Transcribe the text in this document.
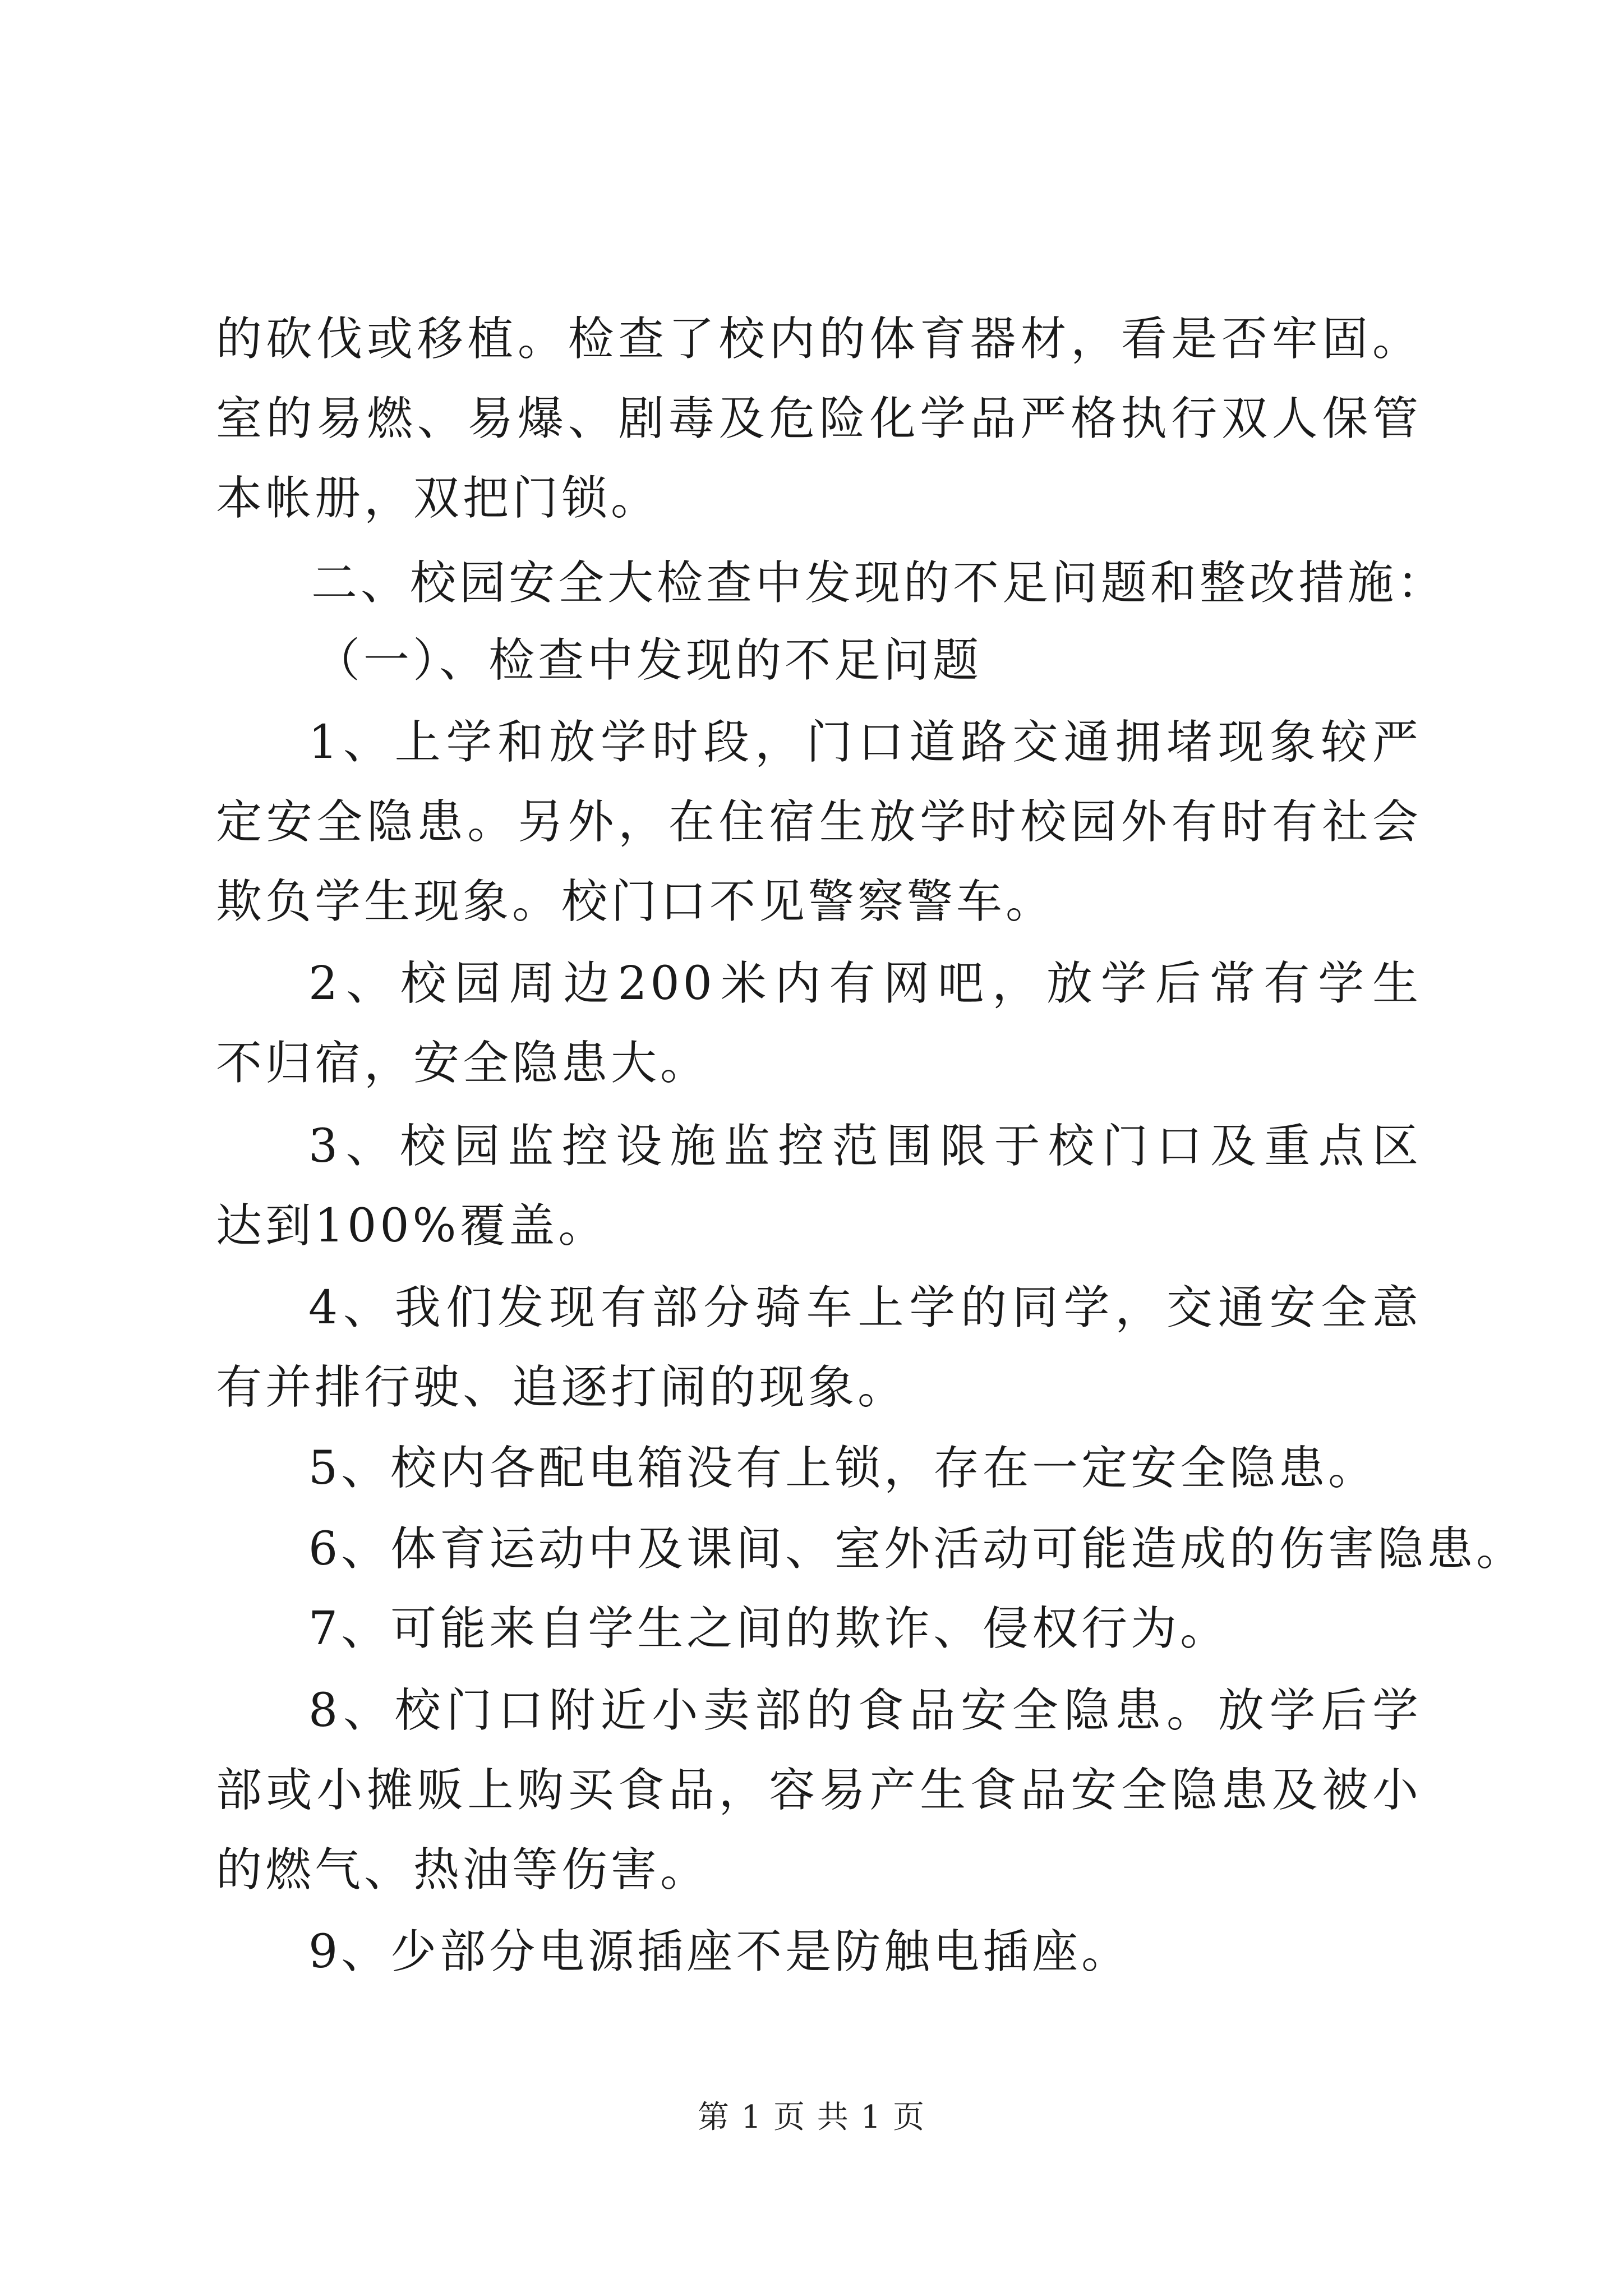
的砍伐或移植。检查了校内的体育器材，看是否牢固。
室的易燃、易爆、剧毒及危险化学品严格执行双人保管
本帐册，双把门锁。
二、校园安全大检查中发现的不足问题和整改措施：
（一）、检查中发现的不足问题
1、上学和放学时段，门口道路交通拥堵现象较严
定安全隐患。另外，在住宿生放学时校园外有时有社会
欺负学生现象。校门口不见警察警车。
2、校园周边200米内有网吧，放学后常有学生
不归宿，安全隐患大。
3、校园监控设施监控范围限于校门口及重点区
达到100%覆盖。
4、我们发现有部分骑车上学的同学，交通安全意
有并排行驶、追逐打闹的现象。
5、校内各配电箱没有上锁，存在一定安全隐患。
6、体育运动中及课间、室外活动可能造成的伤害隐患。
7、可能来自学生之间的欺诈、侵权行为。
8、校门口附近小卖部的食品安全隐患。放学后学
部或小摊贩上购买食品，容易产生食品安全隐患及被小
的燃气、热油等伤害。
9、少部分电源插座不是防触电插座。
第 1 页 共 1 页
